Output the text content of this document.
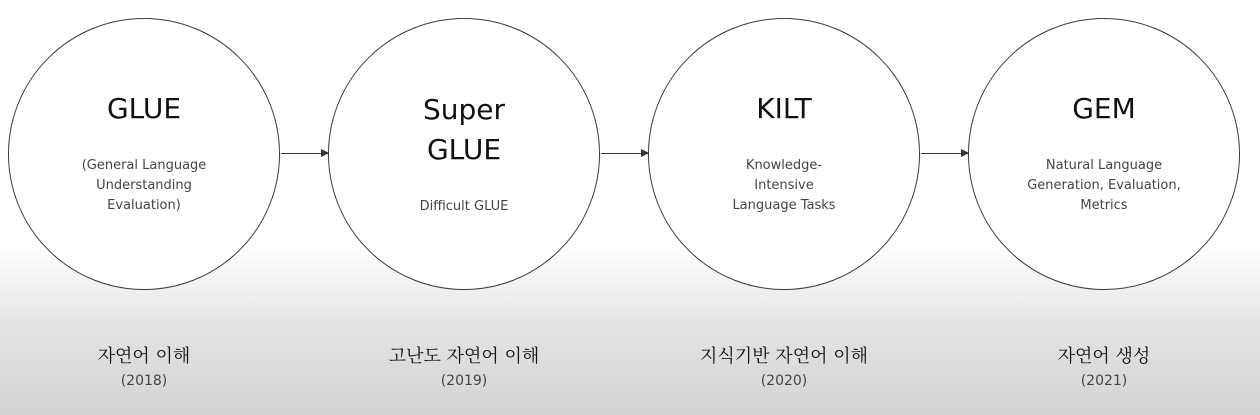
GLUE
(General Language
Understanding
Evaluation)
Super
GLUE
Difficult GLUE
KILT
Knowledge-
Intensive
Language Tasks
GEM
Natural Language
Generation, Evaluation,
Metrics
자연어 이해
(2018)
고난도 자연어 이해
(2019)
지식기반 자연어 이해
(2020)
자연어 생성
(2021)
